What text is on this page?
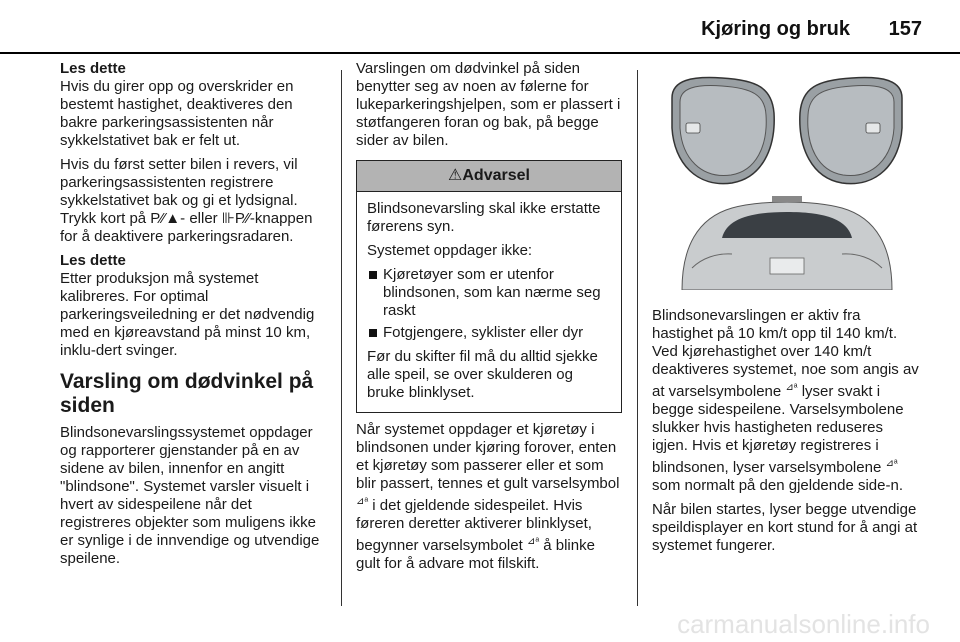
Kjøring og bruk 157
Les dette

Hvis du girer opp og overskrider en bestemt hastighet, deaktiveres den bakre parkeringsassistenten når sykkelstativet bak er felt ut.

Hvis du først setter bilen i revers, vil parkeringsassistenten registrere sykkelstativet bak og gi et lydsignal. Trykk kort på P⁄⁄▲- eller ⊪P⁄⁄-knappen for å deaktivere parkeringsradaren.

Les dette

Etter produksjon må systemet kalibreres. For optimal parkeringsveiledning er det nødvendig med en kjøreavstand på minst 10 km, inklu-dert svinger.

Varsling om dødvinkel på siden

Blindsonevarslingssystemet oppdager og rapporterer gjenstander på en av sidene av bilen, innenfor en angitt "blindsone". Systemet varsler visuelt i hvert av sidespeilene når det registreres objekter som muligens ikke er synlige i de innvendige og utvendige speilene.

Varslingen om dødvinkel på siden benytter seg av noen av følerne for lukeparkeringshjelpen, som er plassert i støtfangeren foran og bak, på begge sider av bilen.

⚠Advarsel

Blindsonevarsling skal ikke erstatte førerens syn.

Systemet oppdager ikke:

Kjøretøyer som er utenfor blindsonen, som kan nærme seg raskt
Fotgjengere, syklister eller dyr

Før du skifter fil må du alltid sjekke alle speil, se over skulderen og bruke blinklyset.

Når systemet oppdager et kjøretøy i blindsonen under kjøring forover, enten et kjøretøy som passerer eller et som blir passert, tennes et gult varselsymbol $^{⊿ᵃ}$ i det gjeldende sidespeilet. Hvis føreren deretter aktiverer blinklyset, begynner varselsymbolet $^{⊿ᵃ}$ å blinke gult for å advare mot filskift.

Blindsonevarslingen er aktiv fra hastighet på 10 km/t opp til 140 km/t. Ved kjørehastighet over 140 km/t deaktiveres systemet, noe som angis av at varselsymbolene $^{⊿ᵃ}$ lyser svakt i begge sidespeilene. Varselsymbolene slukker hvis hastigheten reduseres igjen. Hvis et kjøretøy registreres i blindsonen, lyser varselsymbolene $^{⊿ᵃ}$ som normalt på den gjeldende side-n.

Når bilen startes, lyser begge utvendige speildisplayer en kort stund for å angi at systemet fungerer.

carmanualsonline.info
